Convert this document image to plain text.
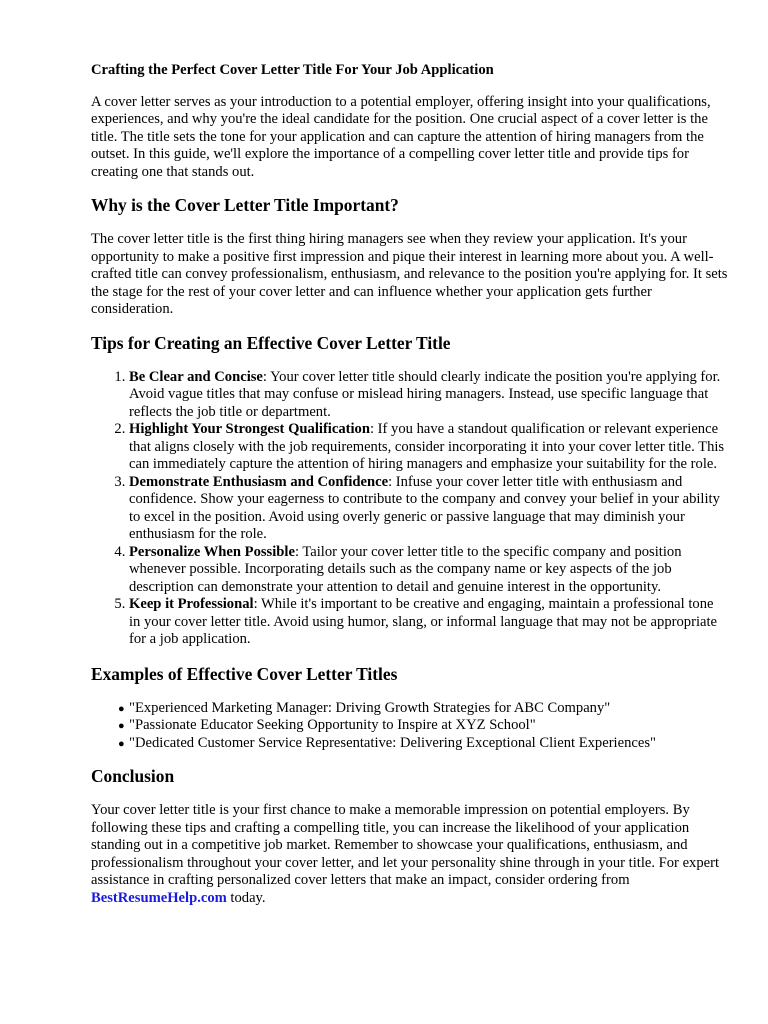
Crafting the Perfect Cover Letter Title For Your Job Application

A cover letter serves as your introduction to a potential employer, offering insight into your qualifications, experiences, and why you're the ideal candidate for the position. One crucial aspect of a cover letter is the title. The title sets the tone for your application and can capture the attention of hiring managers from the outset. In this guide, we'll explore the importance of a compelling cover letter title and provide tips for creating one that stands out.

Why is the Cover Letter Title Important?

The cover letter title is the first thing hiring managers see when they review your application. It's your opportunity to make a positive first impression and pique their interest in learning more about you. A well-crafted title can convey professionalism, enthusiasm, and relevance to the position you're applying for. It sets the stage for the rest of your cover letter and can influence whether your application gets further consideration.

Tips for Creating an Effective Cover Letter Title
1. Be Clear and Concise: Your cover letter title should clearly indicate the position you're applying for. Avoid vague titles that may confuse or mislead hiring managers. Instead, use specific language that reflects the job title or department.
2. Highlight Your Strongest Qualification: If you have a standout qualification or relevant experience that aligns closely with the job requirements, consider incorporating it into your cover letter title. This can immediately capture the attention of hiring managers and emphasize your suitability for the role.
3. Demonstrate Enthusiasm and Confidence: Infuse your cover letter title with enthusiasm and confidence. Show your eagerness to contribute to the company and convey your belief in your ability to excel in the position. Avoid using overly generic or passive language that may diminish your enthusiasm for the role.
4. Personalize When Possible: Tailor your cover letter title to the specific company and position whenever possible. Incorporating details such as the company name or key aspects of the job description can demonstrate your attention to detail and genuine interest in the opportunity.
5. Keep it Professional: While it's important to be creative and engaging, maintain a professional tone in your cover letter title. Avoid using humor, slang, or informal language that may not be appropriate for a job application.
Examples of Effective Cover Letter Titles
● "Experienced Marketing Manager: Driving Growth Strategies for ABC Company"
● "Passionate Educator Seeking Opportunity to Inspire at XYZ School"
● "Dedicated Customer Service Representative: Delivering Exceptional Client Experiences"
Conclusion

Your cover letter title is your first chance to make a memorable impression on potential employers. By following these tips and crafting a compelling title, you can increase the likelihood of your application standing out in a competitive job market. Remember to showcase your qualifications, enthusiasm, and professionalism throughout your cover letter, and let your personality shine through in your title. For expert assistance in crafting personalized cover letters that make an impact, consider ordering from BestResumeHelp.com today.
